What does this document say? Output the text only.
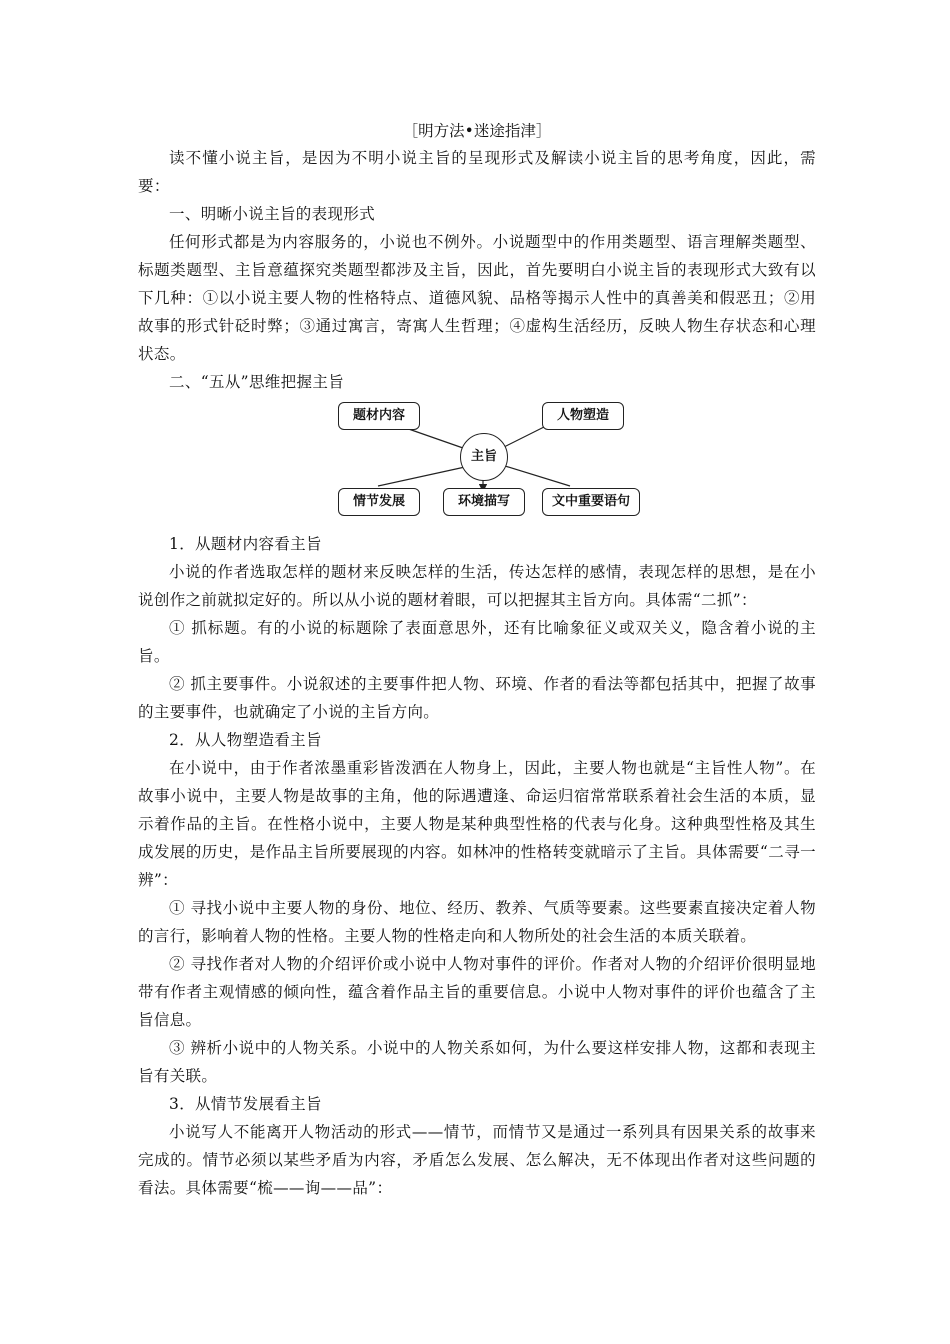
［明方法•迷途指津］

读不懂小说主旨，是因为不明小说主旨的呈现形式及解读小说主旨的思考角度，因此，需要：

一、明晰小说主旨的表现形式

任何形式都是为内容服务的，小说也不例外。小说题型中的作用类题型、语言理解类题型、标题类题型、主旨意蕴探究类题型都涉及主旨，因此，首先要明白小说主旨的表现形式大致有以下几种：①以小说主要人物的性格特点、道德风貌、品格等揭示人性中的真善美和假恶丑；②用故事的形式针砭时弊；③通过寓言，寄寓人生哲理；④虚构生活经历，反映人物生存状态和心理状态。

二、“五从”思维把握主旨

题材内容	人物塑造
主旨
情节发展	环境描写	文中重要语句

1．从题材内容看主旨

小说的作者选取怎样的题材来反映怎样的生活，传达怎样的感情，表现怎样的思想，是在小说创作之前就拟定好的。所以从小说的题材着眼，可以把握其主旨方向。具体需“二抓”：

① 抓标题。有的小说的标题除了表面意思外，还有比喻象征义或双关义，隐含着小说的主旨。

② 抓主要事件。小说叙述的主要事件把人物、环境、作者的看法等都包括其中，把握了故事的主要事件，也就确定了小说的主旨方向。

2．从人物塑造看主旨

在小说中，由于作者浓墨重彩皆泼洒在人物身上，因此，主要人物也就是“主旨性人物”。在故事小说中，主要人物是故事的主角，他的际遇遭逢、命运归宿常常联系着社会生活的本质，显示着作品的主旨。在性格小说中，主要人物是某种典型性格的代表与化身。这种典型性格及其生成发展的历史，是作品主旨所要展现的内容。如林冲的性格转变就暗示了主旨。具体需要“二寻一辨”：

① 寻找小说中主要人物的身份、地位、经历、教养、气质等要素。这些要素直接决定着人物的言行，影响着人物的性格。主要人物的性格走向和人物所处的社会生活的本质关联着。

② 寻找作者对人物的介绍评价或小说中人物对事件的评价。作者对人物的介绍评价很明显地带有作者主观情感的倾向性，蕴含着作品主旨的重要信息。小说中人物对事件的评价也蕴含了主旨信息。

③ 辨析小说中的人物关系。小说中的人物关系如何，为什么要这样安排人物，这都和表现主旨有关联。

3．从情节发展看主旨

小说写人不能离开人物活动的形式——情节，而情节又是通过一系列具有因果关系的故事来完成的。情节必须以某些矛盾为内容，矛盾怎么发展、怎么解决，无不体现出作者对这些问题的看法。具体需要“梳——询——品”：
